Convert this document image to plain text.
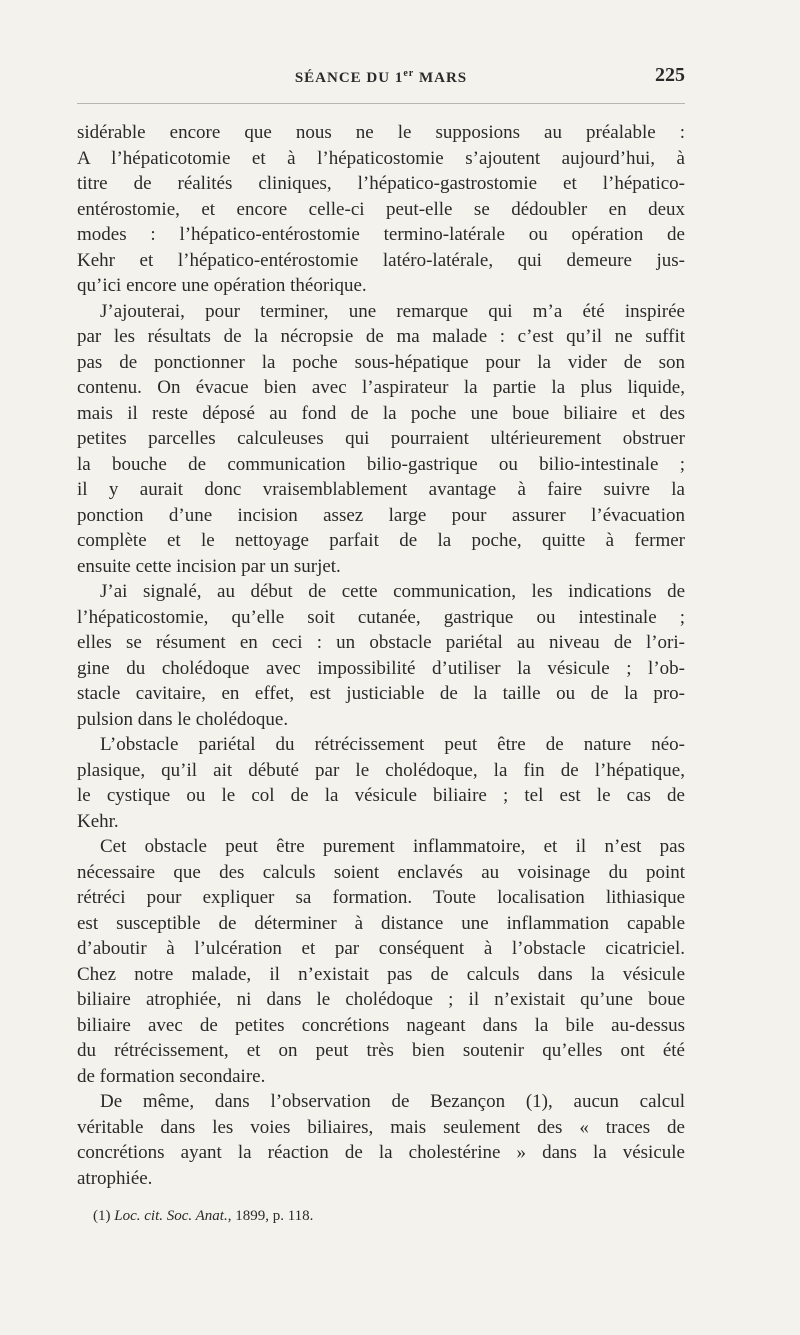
SÉANCE DU 1er MARS	225
sidérable encore que nous ne le supposions au préalable :
A l’hépaticotomie et à l’hépaticostomie s’ajoutent aujourd’hui, à
titre de réalités cliniques, l’hépatico-gastrostomie et l’hépatico-
entérostomie, et encore celle-ci peut-elle se dédoubler en deux
modes : l’hépatico-entérostomie termino-latérale ou opération de
Kehr et l’hépatico-entérostomie latéro-latérale, qui demeure jus-
qu’ici encore une opération théorique.
J’ajouterai, pour terminer, une remarque qui m’a été inspirée
par les résultats de la nécropsie de ma malade : c’est qu’il ne suffit
pas de ponctionner la poche sous-hépatique pour la vider de son
contenu. On évacue bien avec l’aspirateur la partie la plus liquide,
mais il reste déposé au fond de la poche une boue biliaire et des
petites parcelles calculeuses qui pourraient ultérieurement obstruer
la bouche de communication bilio-gastrique ou bilio-intestinale ;
il y aurait donc vraisemblablement avantage à faire suivre la
ponction d’une incision assez large pour assurer l’évacuation
complète et le nettoyage parfait de la poche, quitte à fermer
ensuite cette incision par un surjet.
J’ai signalé, au début de cette communication, les indications de
l’hépaticostomie, qu’elle soit cutanée, gastrique ou intestinale ;
elles se résument en ceci : un obstacle pariétal au niveau de l’ori-
gine du cholédoque avec impossibilité d’utiliser la vésicule ; l’ob-
stacle cavitaire, en effet, est justiciable de la taille ou de la pro-
pulsion dans le cholédoque.
L’obstacle pariétal du rétrécissement peut être de nature néo-
plasique, qu’il ait débuté par le cholédoque, la fin de l’hépatique,
le cystique ou le col de la vésicule biliaire ; tel est le cas de
Kehr.
Cet obstacle peut être purement inflammatoire, et il n’est pas
nécessaire que des calculs soient enclavés au voisinage du point
rétréci pour expliquer sa formation. Toute localisation lithiasique
est susceptible de déterminer à distance une inflammation capable
d’aboutir à l’ulcération et par conséquent à l’obstacle cicatriciel.
Chez notre malade, il n’existait pas de calculs dans la vésicule
biliaire atrophiée, ni dans le cholédoque ; il n’existait qu’une boue
biliaire avec de petites concrétions nageant dans la bile au-dessus
du rétrécissement, et on peut très bien soutenir qu’elles ont été
de formation secondaire.
De même, dans l’observation de Bezançon (1), aucun calcul
véritable dans les voies biliaires, mais seulement des « traces de
concrétions ayant la réaction de la cholestérine » dans la vésicule
atrophiée.
(1) Loc. cit. Soc. Anat., 1899, p. 118.
